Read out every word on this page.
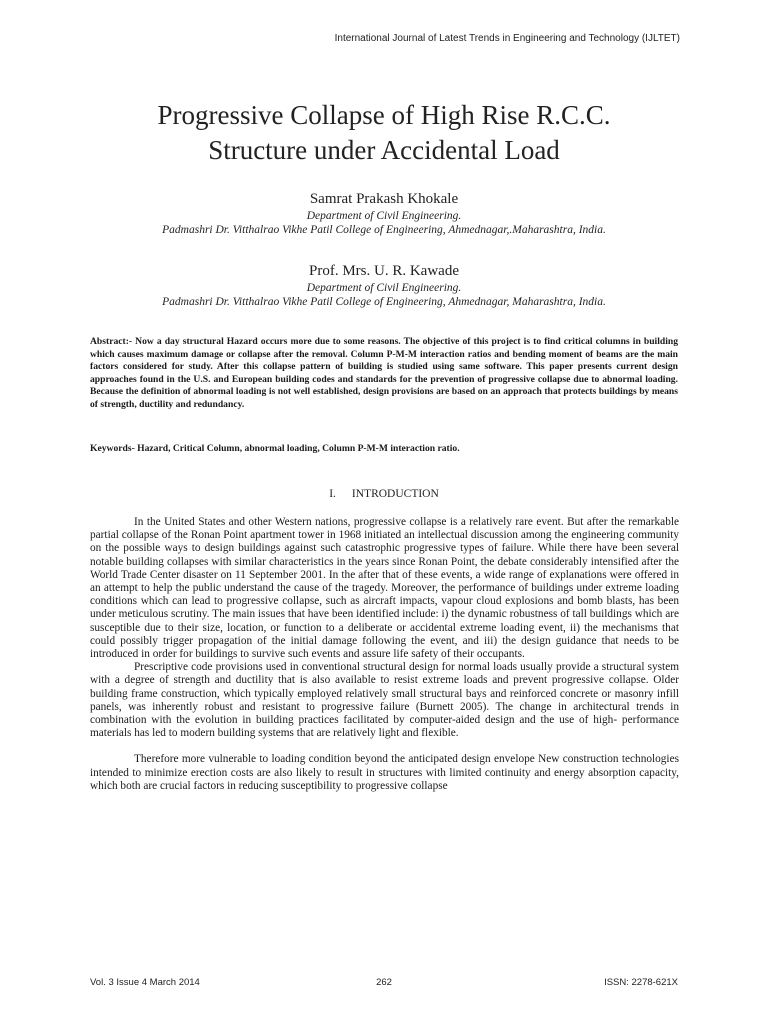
International Journal of Latest Trends in Engineering and Technology (IJLTET)
Progressive Collapse of High Rise R.C.C.
Structure under Accidental Load
Samrat Prakash Khokale
Department of Civil Engineering.
Padmashri Dr. Vitthalrao Vikhe Patil College of Engineering, Ahmednagar,.Maharashtra, India.
Prof. Mrs. U. R. Kawade
Department of Civil Engineering.
Padmashri Dr. Vitthalrao Vikhe Patil College of Engineering, Ahmednagar, Maharashtra, India.
Abstract:- Now a day structural Hazard occurs more due to some reasons. The objective of this project is to find critical columns in building which causes maximum damage or collapse after the removal. Column P-M-M interaction ratios and bending moment of beams are the main factors considered for study. After this collapse pattern of building is studied using same software. This paper presents current design approaches found in the U.S. and European building codes and standards for the prevention of progressive collapse due to abnormal loading. Because the definition of abnormal loading is not well established, design provisions are based on an approach that protects buildings by means of strength, ductility and redundancy.
Keywords- Hazard, Critical Column, abnormal loading, Column P-M-M interaction ratio.
I. INTRODUCTION

In the United States and other Western nations, progressive collapse is a relatively rare event. But after the remarkable partial collapse of the Ronan Point apartment tower in 1968 initiated an intellectual discussion among the engineering community on the possible ways to design buildings against such catastrophic progressive types of failure. While there have been several notable building collapses with similar characteristics in the years since Ronan Point, the debate considerably intensified after the World Trade Center disaster on 11 September 2001. In the after that of these events, a wide range of explanations were offered in an attempt to help the public understand the cause of the tragedy. Moreover, the performance of buildings under extreme loading conditions which can lead to progressive collapse, such as aircraft impacts, vapour cloud explosions and bomb blasts, has been under meticulous scrutiny. The main issues that have been identified include: i) the dynamic robustness of tall buildings which are susceptible due to their size, location, or function to a deliberate or accidental extreme loading event, ii) the mechanisms that could possibly trigger propagation of the initial damage following the event, and iii) the design guidance that needs to be introduced in order for buildings to survive such events and assure life safety of their occupants.

Prescriptive code provisions used in conventional structural design for normal loads usually provide a structural system with a degree of strength and ductility that is also available to resist extreme loads and prevent progressive collapse. Older building frame construction, which typically employed relatively small structural bays and reinforced concrete or masonry infill panels, was inherently robust and resistant to progressive failure (Burnett 2005). The change in architectural trends in combination with the evolution in building practices facilitated by computer-aided design and the use of high- performance materials has led to modern building systems that are relatively light and flexible.

Therefore more vulnerable to loading condition beyond the anticipated design envelope New construction technologies intended to minimize erection costs are also likely to result in structures with limited continuity and energy absorption capacity, which both are crucial factors in reducing susceptibility to progressive collapse

Vol. 3 Issue 4 March 2014	262	ISSN: 2278-621X
